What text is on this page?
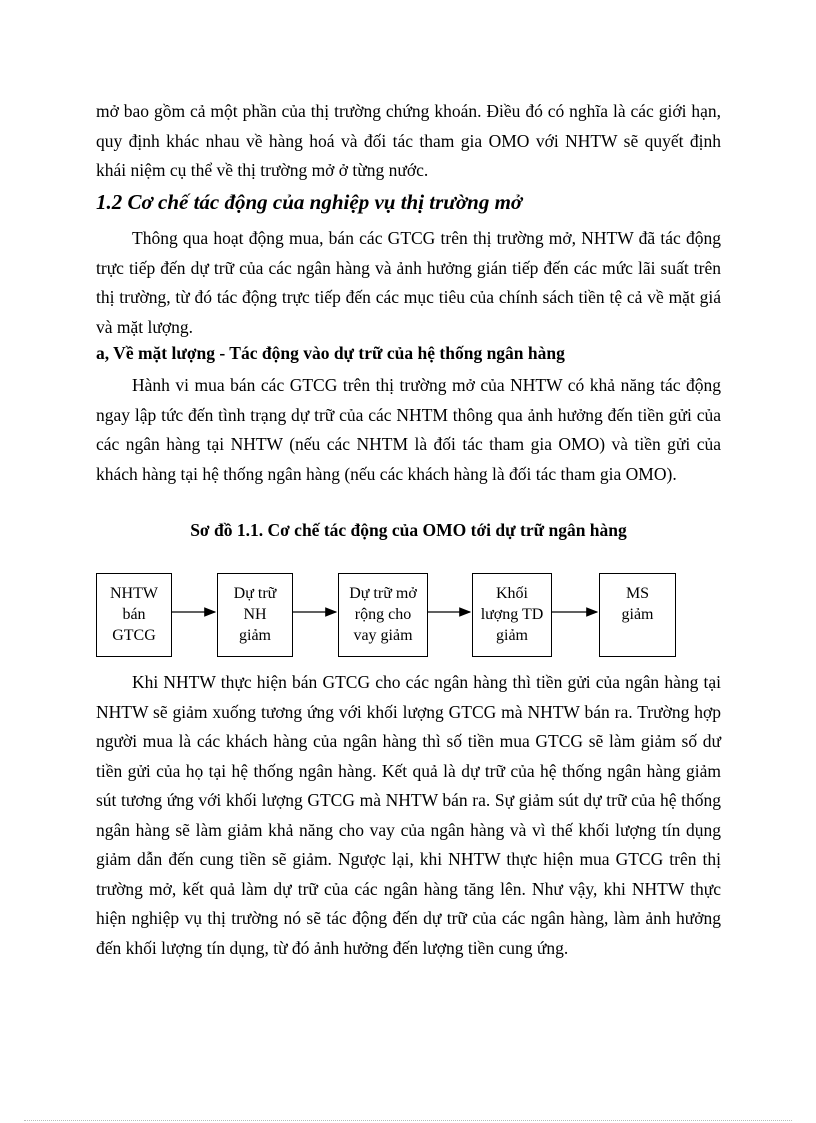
mở bao gồm cả một phần của thị trường chứng khoán. Điều đó có nghĩa là các giới hạn, quy định khác nhau về hàng hoá và đối tác tham gia OMO với NHTW sẽ quyết định khái niệm cụ thể về thị trường mở ở từng nước.

1.2 Cơ chế tác động của nghiệp vụ thị trường mở

Thông qua hoạt động mua, bán các GTCG trên thị trường mở, NHTW đã tác động trực tiếp đến dự trữ của các ngân hàng và ảnh hưởng gián tiếp đến các mức lãi suất trên thị trường, từ đó tác động trực tiếp đến các mục tiêu của chính sách tiền tệ cả về mặt giá và mặt lượng.

a, Về mặt lượng - Tác động vào dự trữ của hệ thống ngân hàng

Hành vi mua bán các GTCG trên thị trường mở của NHTW có khả năng tác động ngay lập tức đến tình trạng dự trữ của các NHTM thông qua ảnh hưởng đến tiền gửi của các ngân hàng tại NHTW (nếu các NHTM là đối tác tham gia OMO) và tiền gửi của khách hàng tại hệ thống ngân hàng (nếu các khách hàng là đối tác tham gia OMO).

Sơ đồ 1.1. Cơ chế tác động của OMO tới dự trữ ngân hàng

NHTW
bán
GTCG
Dự trữ
NH
giảm
Dự trữ mở
rộng cho
vay giảm
Khối
lượng TD
giảm
MS
giảm

Khi NHTW thực hiện bán GTCG cho các ngân hàng thì tiền gửi của ngân hàng tại NHTW sẽ giảm xuống tương ứng với khối lượng GTCG mà NHTW bán ra. Trường hợp người mua là các khách hàng của ngân hàng thì số tiền mua GTCG sẽ làm giảm số dư tiền gửi của họ tại hệ thống ngân hàng. Kết quả là dự trữ của hệ thống ngân hàng giảm sút tương ứng với khối lượng GTCG mà NHTW bán ra. Sự giảm sút dự trữ của hệ thống ngân hàng sẽ làm giảm khả năng cho vay của ngân hàng và vì thế khối lượng tín dụng giảm dẫn đến cung tiền sẽ giảm. Ngược lại, khi NHTW thực hiện mua GTCG trên thị trường mở, kết quả làm dự trữ của các ngân hàng tăng lên. Như vậy, khi NHTW thực hiện nghiệp vụ thị trường nó sẽ tác động đến dự trữ của các ngân hàng, làm ảnh hưởng đến khối lượng tín dụng, từ đó ảnh hưởng đến lượng tiền cung ứng.
